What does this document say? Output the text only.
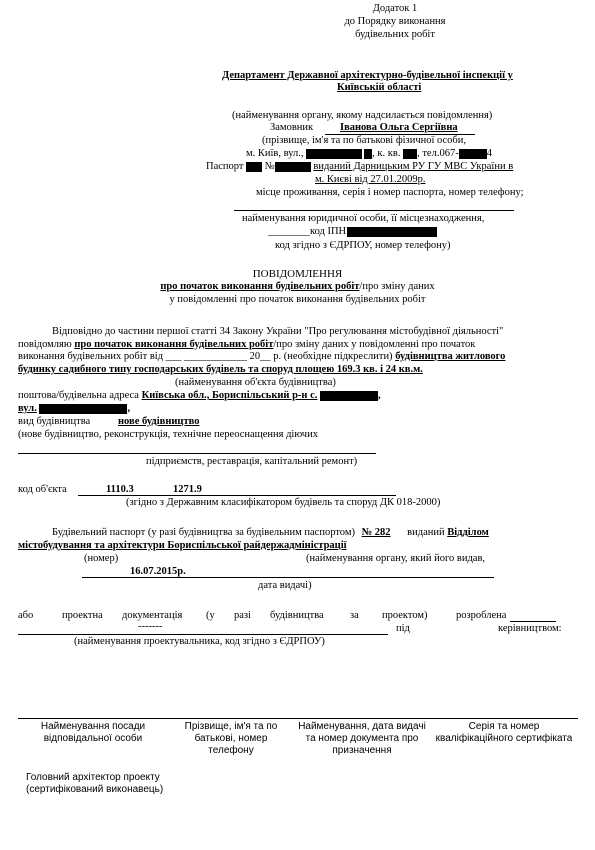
Додаток 1
до Порядку виконання
будівельних робіт
Департамент Державної архітектурно-будівельної інспекції у
Київській області
(найменування органу, якому надсилається повідомлення)
Замовник	Іванова Ольга Сергіївна
(прізвище, ім'я та по батькові фізичної особи,
м. Київ, вул.,	, к. кв. , тел.067-	4
Паспорт №	виданий Дарницьким РУ ГУ МВС України в
м. Києві від 27.01.2009р.
місце проживання, серія і номер паспорта, номер телефону;
найменування юридичної особи, її місцезнаходження,
________код ІПН
код згідно з ЄДРПОУ, номер телефону)
ПОВІДОМЛЕННЯ
про початок виконання будівельних робіт/про зміну даних
у повідомленні про початок виконання будівельних робіт
Відповідно до частини першої статті 34 Закону України "Про регулювання містобудівної діяльності"
повідомляю про початок виконання будівельних робіт/про зміну даних у повідомленні про початок
виконання будівельних робіт від ___ ____________ 20__ р. (необхідне підкреслити) будівництва житлового
будинку садибного типу господарських будівель та споруд площею 169.3 кв. і 24 кв.м.
(найменування об'єкта будівництва)
поштова/будівельна адреса Київська обл., Бориспільський р-н с.	,
вул.	,
вид будівництва	нове будівництво
(нове будівництво, реконструкція, технічне переоснащення діючих
підприємств, реставрація, капітальний ремонт)
код об'єкта	1110.3	1271.9
(згідно з Державним класифікатором будівель та споруд ДК 018-2000)
Будівельний паспорт (у разі будівництва за будівельним паспортом) № 282 виданий Відділом
містобудування та архітектури Бориспільської райдержадміністрації
(номер)	(найменування органу, який його видав,
16.07.2015р.
дата видачі)
або	проектна документація (у разі будівництва	за проектом)	розроблена
-------	під	керівництвом:
(найменування проектувальника, код згідно з ЄДРПОУ)
Найменування посади відповідальної особи	Прізвище, ім'я та по батькові, номер телефону	Найменування, дата видачі та номер документа про призначення	Серія та номер кваліфікаційного сертифіката
Головний архітектор проекту (сертифікований виконавець)
